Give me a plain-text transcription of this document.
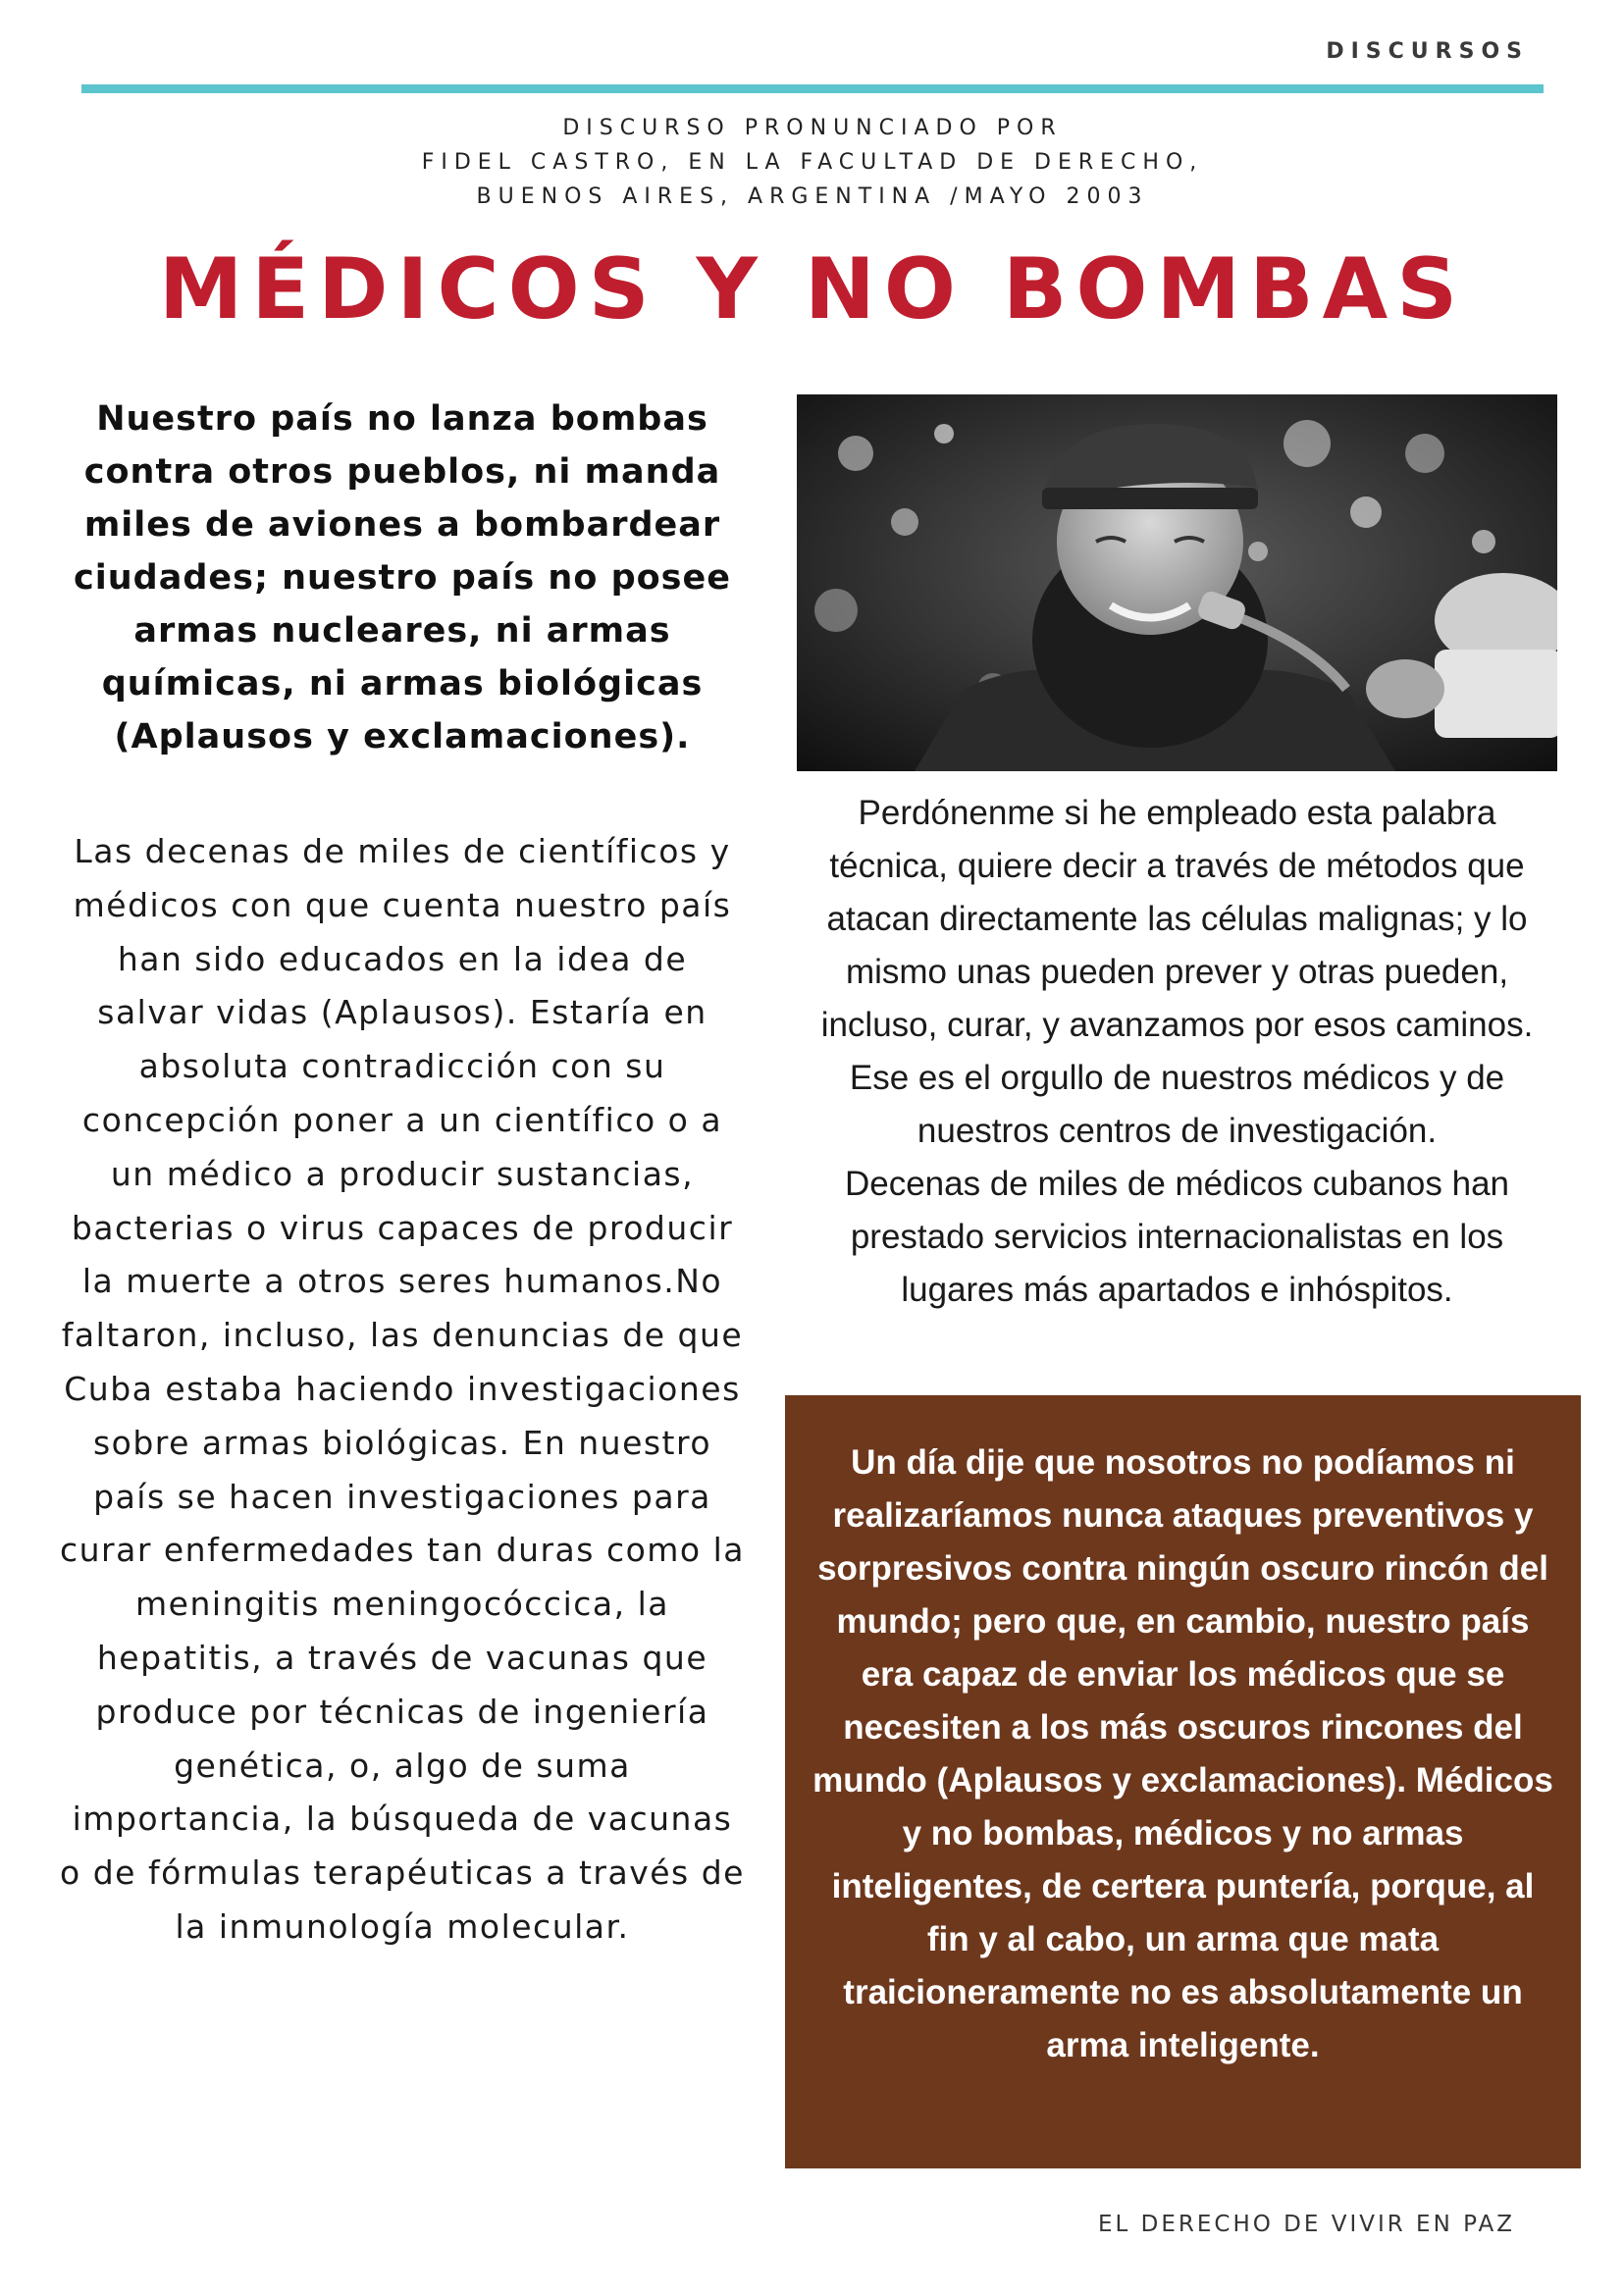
DISCURSOS
DISCURSO PRONUNCIADO POR
FIDEL CASTRO, EN LA FACULTAD DE DERECHO,
BUENOS AIRES, ARGENTINA /MAYO 2003
MÉDICOS Y NO BOMBAS

Nuestro país no lanza bombas contra otros pueblos, ni manda miles de aviones a bombardear ciudades; nuestro país no posee armas nucleares, ni armas químicas, ni armas biológicas (Aplausos y exclamaciones).

Las decenas de miles de científicos y médicos con que cuenta nuestro país han sido educados en la idea de salvar vidas (Aplausos). Estaría en absoluta contradicción con su concepción poner a un científico o a un médico a producir sustancias, bacterias o virus capaces de producir la muerte a otros seres humanos.No faltaron, incluso, las denuncias de que Cuba estaba haciendo investigaciones sobre armas biológicas. En nuestro país se hacen investigaciones para curar enfermedades tan duras como la meningitis meningocóccica, la hepatitis, a través de vacunas que produce por técnicas de ingeniería genética, o, algo de suma importancia, la búsqueda de vacunas o de fórmulas terapéuticas a través de la inmunología molecular.

Perdónenme si he empleado esta palabra técnica, quiere decir a través de métodos que atacan directamente las células malignas; y lo mismo unas pueden prever y otras pueden, incluso, curar, y avanzamos por esos caminos.
Ese es el orgullo de nuestros médicos y de nuestros centros de investigación.
Decenas de miles de médicos cubanos han prestado servicios internacionalistas en los lugares más apartados e inhóspitos.
Un día dije que nosotros no podíamos ni realizaríamos nunca ataques preventivos y sorpresivos contra ningún oscuro rincón del mundo; pero que, en cambio, nuestro país era capaz de enviar los médicos que se necesiten a los más oscuros rincones del mundo (Aplausos y exclamaciones). Médicos y no bombas, médicos y no armas inteligentes, de certera puntería, porque, al fin y al cabo, un arma que mata traicioneramente no es absolutamente un arma inteligente.
EL DERECHO DE VIVIR EN PAZ
